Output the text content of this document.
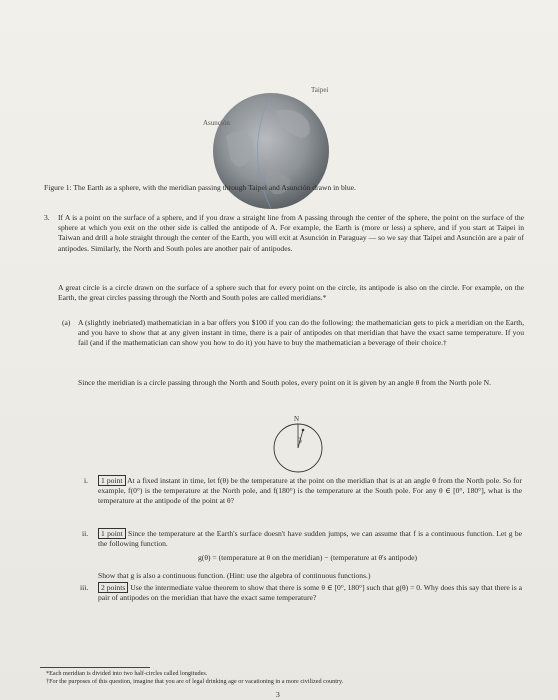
Taipei
Asunción
Figure 1: The Earth as a sphere, with the meridian passing through Taipei and Asunción drawn in blue.
3. If A is a point on the surface of a sphere, and if you draw a straight line from A passing through the center of the sphere, the point on the surface of the sphere at which you exit on the other side is called the antipode of A. For example, the Earth is (more or less) a sphere, and if you start at Taipei in Taiwan and drill a hole straight through the center of the Earth, you will exit at Asunción in Paraguay — so we say that Taipei and Asunción are a pair of antipodes. Similarly, the North and South poles are another pair of antipodes.
A great circle is a circle drawn on the surface of a sphere such that for every point on the circle, its antipode is also on the circle. For example, on the Earth, the great circles passing through the North and South poles are called meridians.*
(a) A (slightly inebriated) mathematician in a bar offers you $100 if you can do the following: the mathematician gets to pick a meridian on the Earth, and you have to show that at any given instant in time, there is a pair of antipodes on that meridian that have the exact same temperature. If you fail (and if the mathematician can show you how to do it) you have to buy the mathematician a beverage of their choice.†
Since the meridian is a circle passing through the North and South poles, every point on it is given by an angle θ from the North pole N.
N
θ
i.	1 point At a fixed instant in time, let f(θ) be the temperature at the point on the meridian that is at an angle θ from the North pole. So for example, f(0°) is the temperature at the North pole, and f(180°) is the temperature at the South pole. For any θ ∈ [0°, 180°], what is the temperature at the antipode of the point at θ?
ii.	1 point Since the temperature at the Earth's surface doesn't have sudden jumps, we can assume that f is a continuous function. Let g be the following function.
g(θ) = (temperature at θ on the meridian) − (temperature at θ's antipode)
Show that g is also a continuous function. (Hint: use the algebra of continuous functions.)
iii.	2 points Use the intermediate value theorem to show that there is some θ ∈ [0°, 180°] such that g(θ) = 0. Why does this say that there is a pair of antipodes on the meridian that have the exact same temperature?
*Each meridian is divided into two half-circles called longitudes.
†For the purposes of this question, imagine that you are of legal drinking age or vacationing in a more civilized country.
3
